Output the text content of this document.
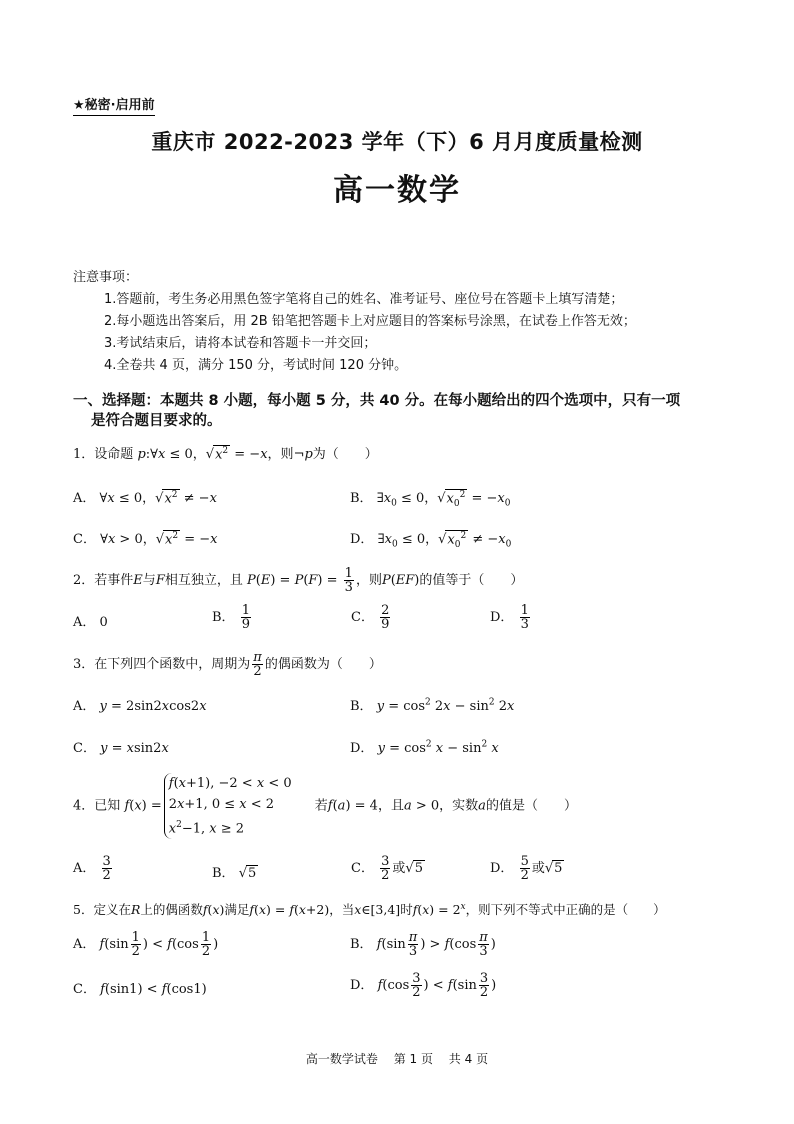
★秘密·启用前
重庆市 2022-2023 学年（下）6 月月度质量检测
高一数学
注意事项：
1.答题前，考生务必用黑色签字笔将自己的姓名、准考证号、座位号在答题卡上填写清楚；
2.每小题选出答案后，用 2B 铅笔把答题卡上对应题目的答案标号涂黑，在试卷上作答无效；
3.考试结束后，请将本试卷和答题卡一并交回；
4.全卷共 4 页，满分 150 分，考试时间 120 分钟。
一、选择题：本题共 8 小题，每小题 5 分，共 40 分。在每小题给出的四个选项中，只有一项
是符合题目要求的。
1．设命题 p:∀x ≤ 0，$√x^2 = -x$，则¬p为（　　）
A． ∀x ≤ 0，$√x^2 \ne -x$	B． $\exists x_0 \le 0$，$√x_0^2 = -x_0$
C． ∀x > 0，$√x^2 = -x$	D． $\exists x_0 \le 0$，$√x_0^2 \ne -x_0$
2．若事件E与F相互独立，且 $P(E) = P(F) = \frac{1}{3}$ ，则P(EF)的值等于（　　）
A． 0	B． $\frac{1}{9}$	C． $\frac{2}{9}$	D． $\frac{1}{3}$
3．在下列四个函数中，周期为 $\frac{\pi}{2}$ 的偶函数为（　　）
A． y = 2sin2xcos2x	B． $y = \cos^2 2x - \sin^2 2x$
C． y = xsin2x	D． $y = \cos^2 x - \sin^2 x$
4．已知 f(x) =f(x+1), −2 < x < 0
2x+1, 0 ≤ x < 2
$x^2-1$, x ≥ 2 　若f(a) = 4，且a > 0，实数a的值是（　　）
A． $\frac{3}{2}$	B． √5	C． $\frac{3}{2}$ 或√5	D． $\frac{5}{2}$ 或√5
5．定义在R上的偶函数f(x)满足f(x) = f(x+2)，当x∈[3,4]时$f(x) = 2^x$，则下列不等式中正确的是（　　）
A． $f(\sin \frac{1}{2}$ ) < $f(\cos \frac{1}{2}$ )	B． $f(\sin \frac{\pi}{3}$ ) > $f(\cos \frac{\pi}{3}$ )
C． f(sin1) < f(cos1)	D． $f(\cos \frac{3}{2}$ ) < $f(\sin \frac{3}{2}$ )
高一数学试卷　 第 1 页　 共 4 页
